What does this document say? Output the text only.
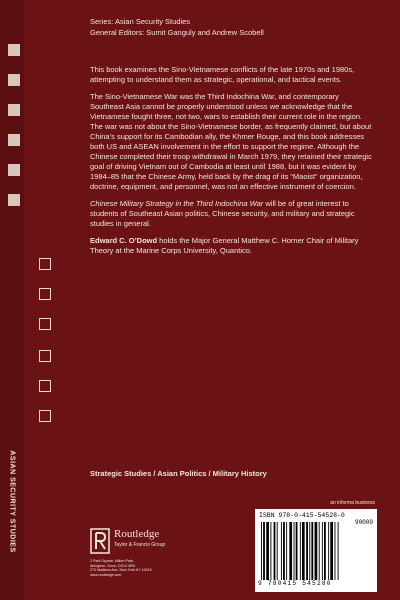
ASIAN SECURITY STUDIES
Series: Asian Security Studies
General Editors: Sumit Ganguly and Andrew Scobell

This book examines the Sino-Vietnamese conflicts of the late 1970s and 1980s, attempting to understand them as strategic, operational, and tactical events.

The Sino-Vietnamese War was the Third Indochina War, and contemporary Southeast Asia cannot be properly understood unless we acknowledge that the Vietnamese fought three, not two, wars to establish their current role in the region. The war was not about the Sino-Vietnamese border, as frequently claimed, but about China’s support for its Cambodian ally, the Khmer Rouge, and this book addresses both US and ASEAN involvement in the effort to support the regime. Although the Chinese completed their troop withdrawal in March 1979, they retained their strategic goal of driving Vietnam out of Cambodia at least until 1988, but it was evident by 1984–85 that the Chinese Army, held back by the drag of its “Maoist” organization, doctrine, equipment, and personnel, was not an effective instrument of coercion.

Chinese Military Strategy in the Third Indochina War will be of great interest to students of Southeast Asian politics, Chinese security, and military and strategic studies in general.

Edward C. O’Dowd holds the Major General Matthew C. Horner Chair of Military Theory at the Marine Corps University, Quantico.

Strategic Studies / Asian Politics / Military History
Routledge
Taylor & Francis Group
2 Park Square, Milton Park,
Abingdon, Oxon, OX14 4RN
270 Madison Ave, New York NY 10016
www.routledge.com
an informa business
ISBN 978-0-415-54528-0
90000
9 780415 545280
